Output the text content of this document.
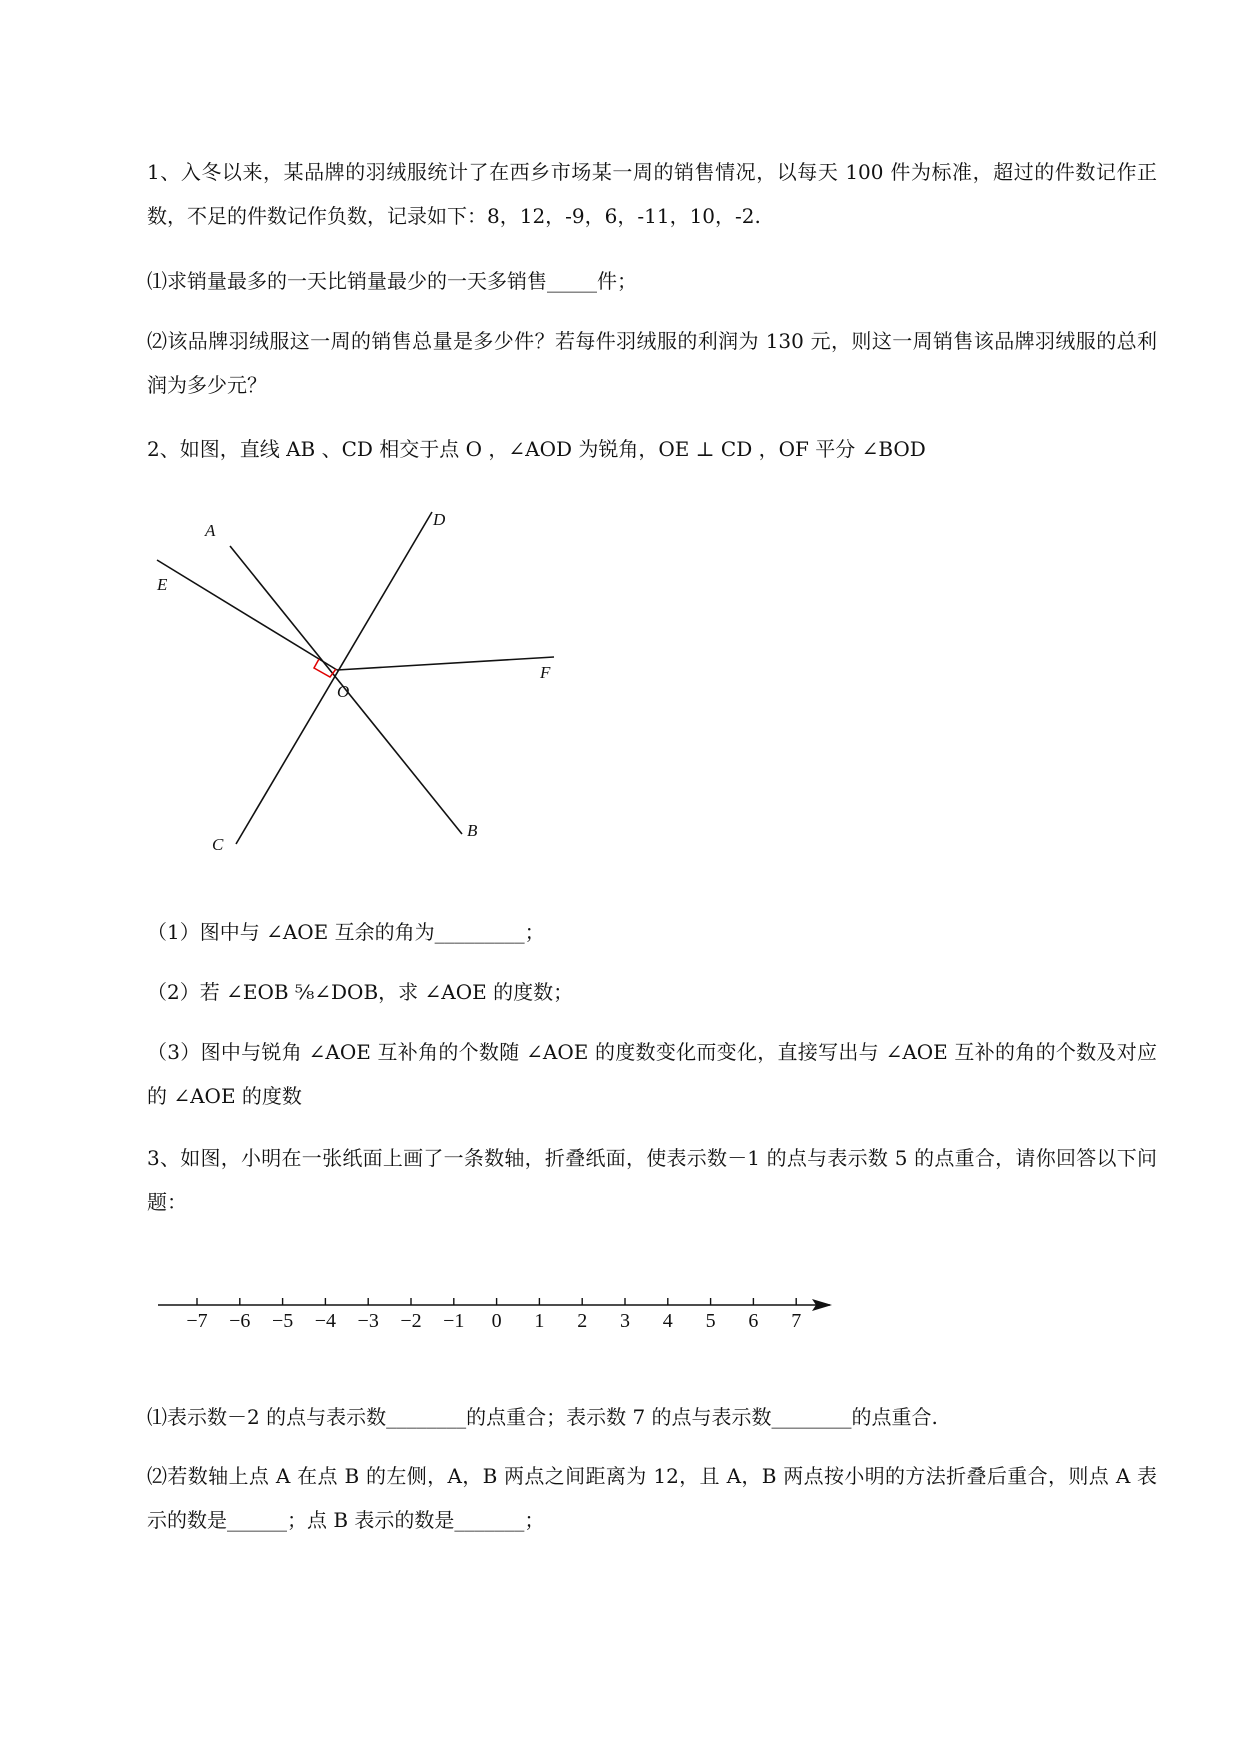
1、入冬以来，某品牌的羽绒服统计了在西乡市场某一周的销售情况，以每天 100 件为标准，超过的件数记作正数，不足的件数记作负数，记录如下：8，12，-9，6，-11，10，-2.
⑴求销量最多的一天比销量最少的一天多销售_____件；
⑵该品牌羽绒服这一周的销售总量是多少件？若每件羽绒服的利润为 130 元，则这一周销售该品牌羽绒服的总利润为多少元？
2、如图，直线 AB 、CD 相交于点 O ，∠AOD 为锐角，OE ⊥ CD ，OF 平分 ∠BOD
A
D
E
O
F
B
C
（1）图中与 ∠AOE 互余的角为_________；
（2）若 ∠EOB ⁵⁄₈∠DOB，求 ∠AOE 的度数；
（3）图中与锐角 ∠AOE 互补角的个数随 ∠AOE 的度数变化而变化，直接写出与 ∠AOE 互补的角的个数及对应的 ∠AOE 的度数
3、如图，小明在一张纸面上画了一条数轴，折叠纸面，使表示数－1 的点与表示数 5 的点重合，请你回答以下问题：
−7 −6 −5 −4 −3 −2 −1 0 1 2 3 4 5 6 7
⑴表示数－2 的点与表示数________的点重合；表示数 7 的点与表示数________的点重合.
⑵若数轴上点 A 在点 B 的左侧，A，B 两点之间距离为 12，且 A，B 两点按小明的方法折叠后重合，则点 A 表示的数是______；点 B 表示的数是_______；
